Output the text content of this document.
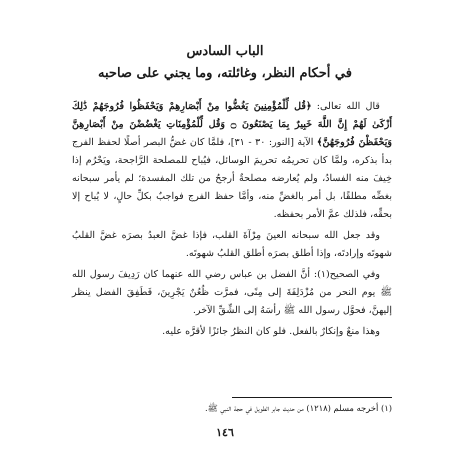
الباب السادس
في أحكام النظر، وغائلته، وما يجني على صاحبه

قال الله تعالى: ﴿قُل لِّلْمُؤْمِنِينَ يَغُضُّوا مِنْ أَبْصَارِهِمْ وَيَحْفَظُوا فُرُوجَهُمْ ذَٰلِكَ أَزْكَىٰ لَهُمْ إِنَّ اللَّهَ خَبِيرٌ بِمَا يَصْنَعُونَ ۝ وَقُل لِّلْمُؤْمِنَاتِ يَغْضُضْنَ مِنْ أَبْصَارِهِنَّ وَيَحْفَظْنَ فُرُوجَهُنَّ﴾ الآية [النور: ٣٠ - ٣١]، فلمَّا كان غضُّ البصر أصلًا لحفظ الفرج بدأ بذكره، ولمَّا كان تحريمُه تحريمَ الوسائل، فيُباح للمصلحة الرَّاجحة، ويَحْرُم إذا خِيفَ منه الفسادُ، ولم يُعارضه مصلحةٌ أرجحُ من تلك المفسدة؛ لم يأمر سبحانه بغضِّه مطلقًا، بل أمر بالغضِّ منه، وأمَّا حفظ الفرج فواجبٌ بكلِّ حالٍ، لا يُباح إلا بحقِّه، فلذلك عمَّ الأمر بحفظه.

وقد جعل الله سبحانه العينَ مِرْآةَ القلب، فإذا غضَّ العبدُ بصرَه غضَّ القلبُ شهوتَه وإرادتَه، وإذا أطلق بصرَه أطلق القلبُ شهوتَه.

وفي الصحيح(١): أنَّ الفضل بن عباس رضي الله عنهما كان رَدِيفَ رسول الله ﷺ يوم النحر من مُزْدَلِفَةَ إلى مِنًى، فمرَّت ظُعُنٌ يَجْرِينَ، فَطَفِقَ الفضل ينظر إليهنَّ، فحوَّل رسول الله ﷺ رأسَهُ إلى الشِّقِّ الآخر.

وهذا منعٌ وإنكارٌ بالفعل. فلو كان النظرُ جائزًا لأقرَّه عليه.

(١) أخرجه مسلم (١٢١٨) من حديث جابر الطويل في حجة النبي ﷺ.
١٤٦
